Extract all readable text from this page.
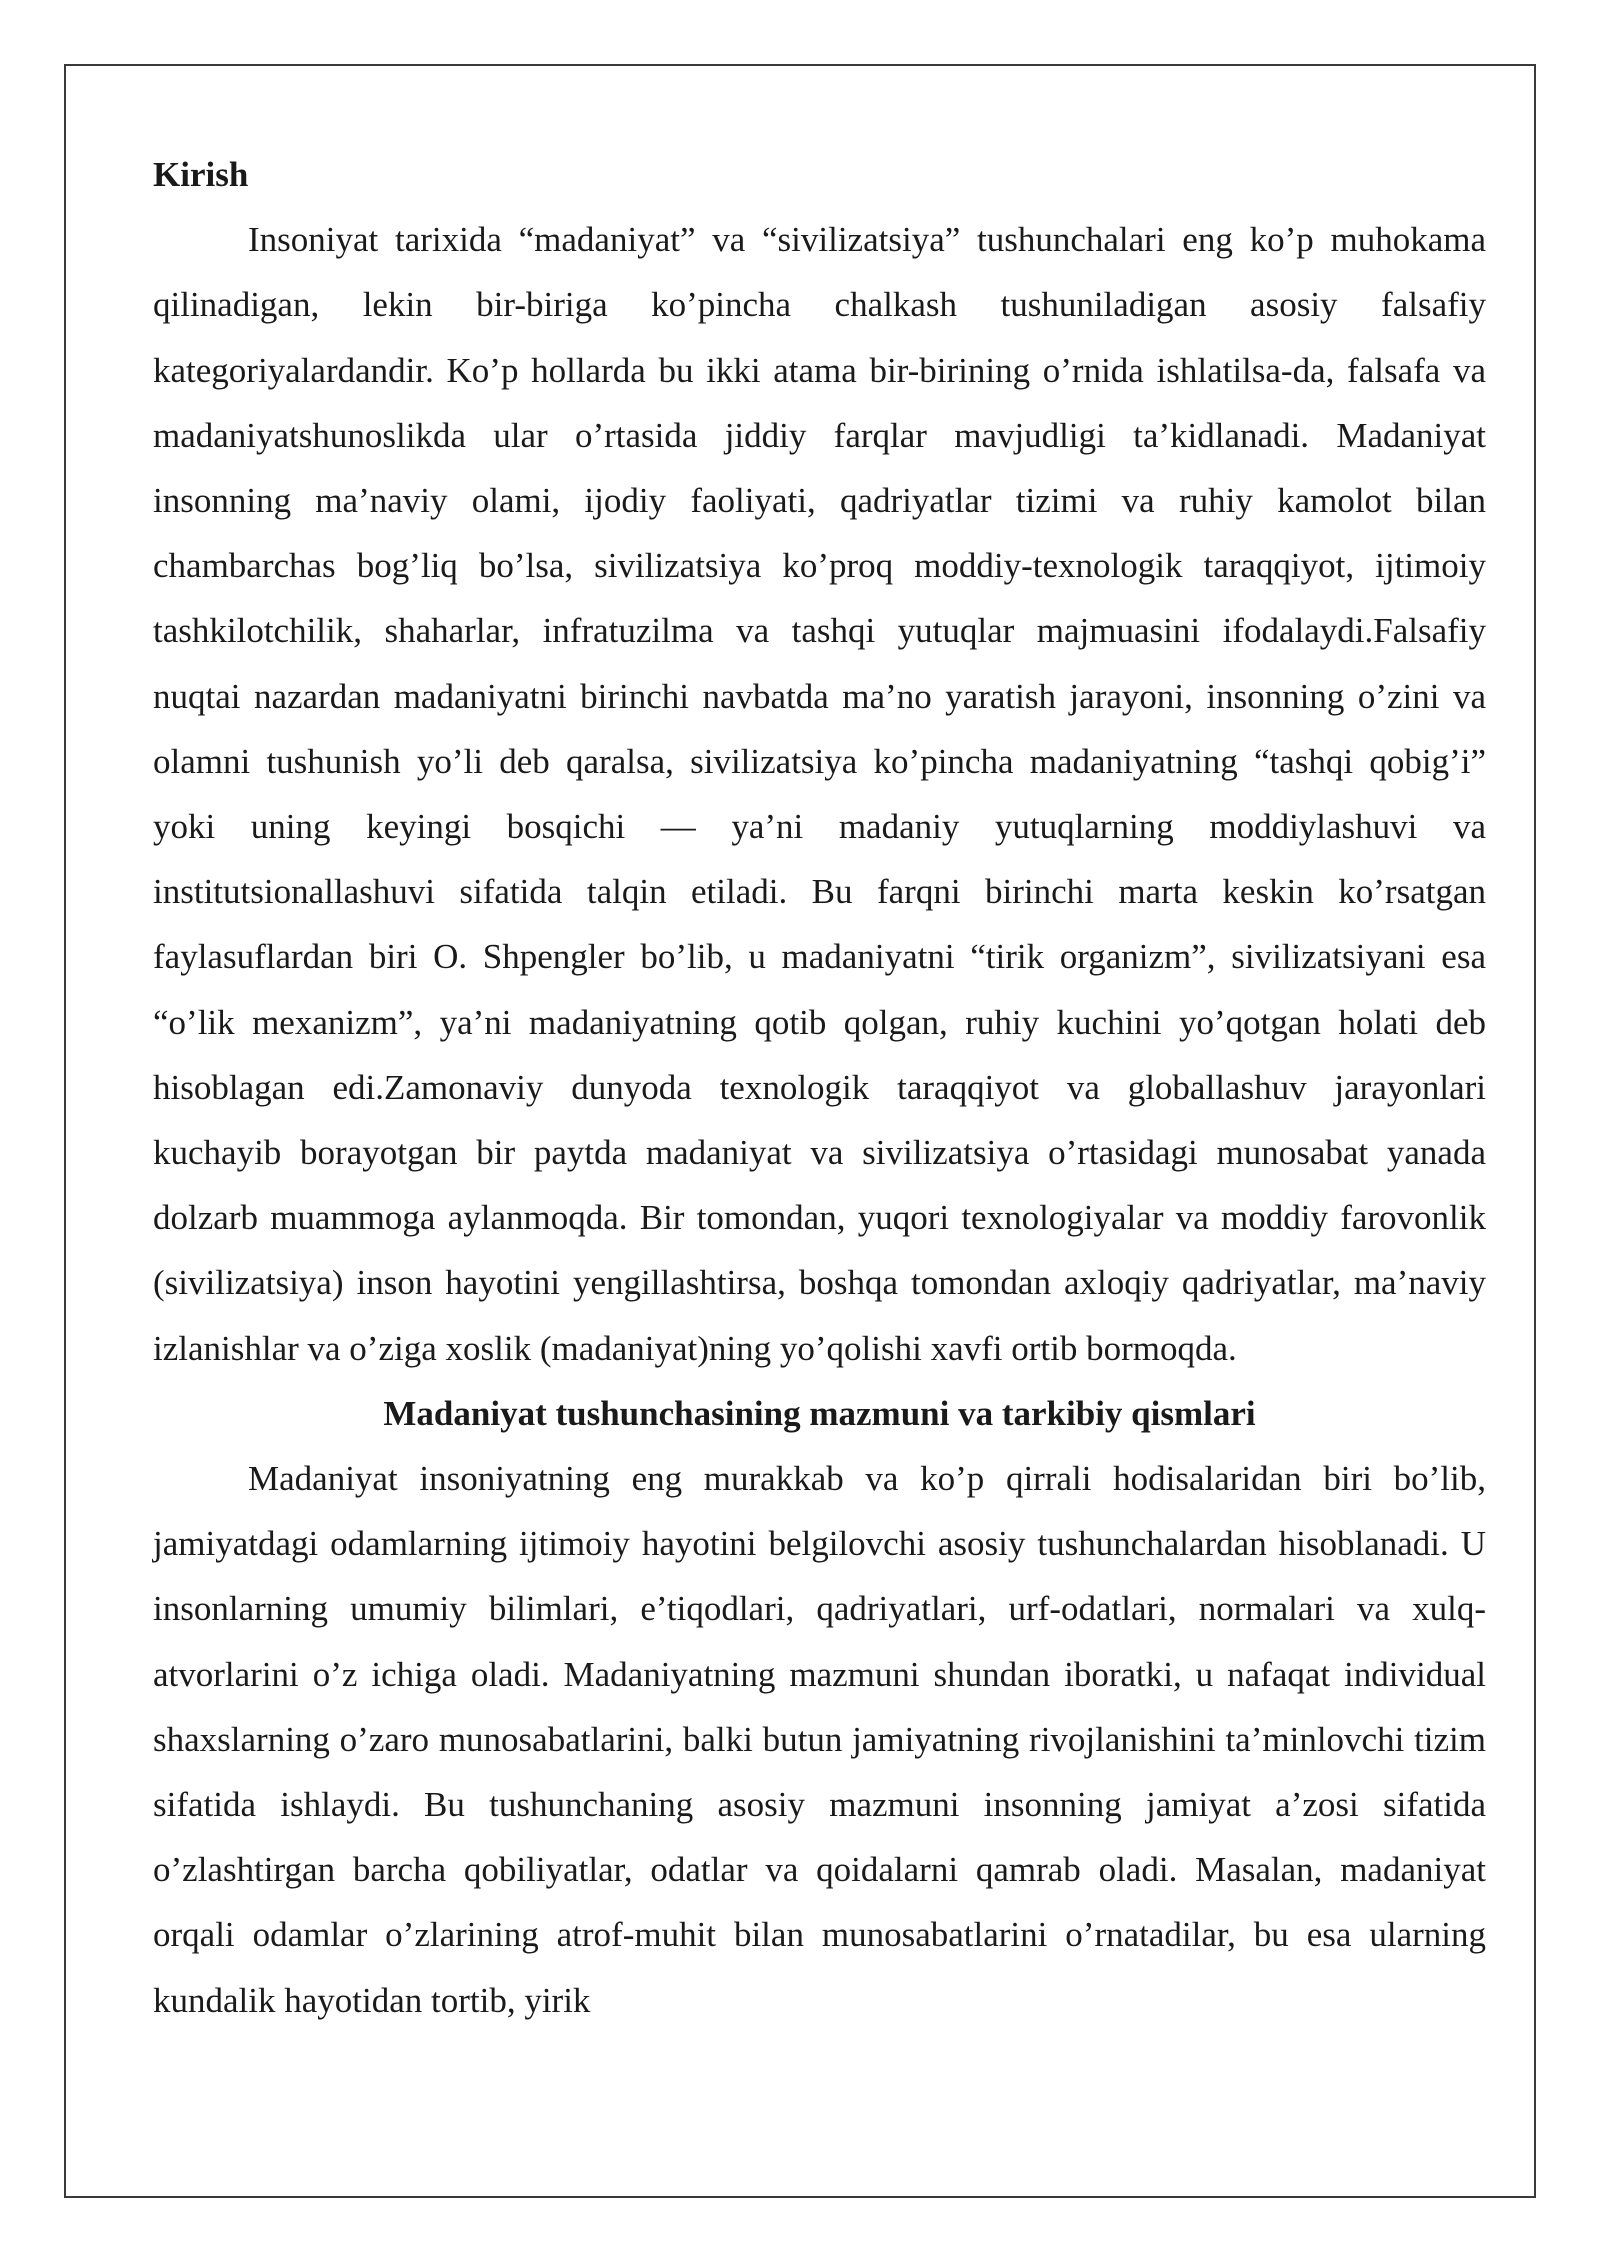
Kirish

Insoniyat tarixida “madaniyat” va “sivilizatsiya” tushunchalari eng ko’p muhokama qilinadigan, lekin bir-biriga ko’pincha chalkash tushuniladigan asosiy falsafiy kategoriyalardandir. Ko’p hollarda bu ikki atama bir-birining o’rnida ishlatilsa-da, falsafa va madaniyatshunoslikda ular o’rtasida jiddiy farqlar mavjudligi ta’kidlanadi. Madaniyat insonning ma’naviy olami, ijodiy faoliyati, qadriyatlar tizimi va ruhiy kamolot bilan chambarchas bog’liq bo’lsa, sivilizatsiya ko’proq moddiy-texnologik taraqqiyot, ijtimoiy tashkilotchilik, shaharlar, infratuzilma va tashqi yutuqlar majmuasini ifodalaydi.Falsafiy nuqtai nazardan madaniyatni birinchi navbatda ma’no yaratish jarayoni, insonning o’zini va olamni tushunish yo’li deb qaralsa, sivilizatsiya ko’pincha madaniyatning “tashqi qobig’i” yoki uning keyingi bosqichi — ya’ni madaniy yutuqlarning moddiylashuvi va institutsionallashuvi sifatida talqin etiladi. Bu farqni birinchi marta keskin ko’rsatgan faylasuflardan biri O. Shpengler bo’lib, u madaniyatni “tirik organizm”, sivilizatsiyani esa “o’lik mexanizm”, ya’ni madaniyatning qotib qolgan, ruhiy kuchini yo’qotgan holati deb hisoblagan edi.Zamonaviy dunyoda texnologik taraqqiyot va globallashuv jarayonlari kuchayib borayotgan bir paytda madaniyat va sivilizatsiya o’rtasidagi munosabat yanada dolzarb muammoga aylanmoqda. Bir tomondan, yuqori texnologiyalar va moddiy farovonlik (sivilizatsiya) inson hayotini yengillashtirsa, boshqa tomondan axloqiy qadriyatlar, ma’naviy izlanishlar va o’ziga xoslik (madaniyat)ning yo’qolishi xavfi ortib bormoqda.

Madaniyat tushunchasining mazmuni va tarkibiy qismlari

Madaniyat insoniyatning eng murakkab va ko’p qirrali hodisalaridan biri bo’lib, jamiyatdagi odamlarning ijtimoiy hayotini belgilovchi asosiy tushunchalardan hisoblanadi. U insonlarning umumiy bilimlari, e’tiqodlari, qadriyatlari, urf-odatlari, normalari va xulq-atvorlarini o’z ichiga oladi. Madaniyatning mazmuni shundan iboratki, u nafaqat individual shaxslarning o’zaro munosabatlarini, balki butun jamiyatning rivojlanishini ta’minlovchi tizim sifatida ishlaydi. Bu tushunchaning asosiy mazmuni insonning jamiyat a’zosi sifatida o’zlashtirgan barcha qobiliyatlar, odatlar va qoidalarni qamrab oladi. Masalan, madaniyat orqali odamlar o’zlarining atrof-muhit bilan munosabatlarini o’rnatadilar, bu esa ularning kundalik hayotidan tortib, yirik
